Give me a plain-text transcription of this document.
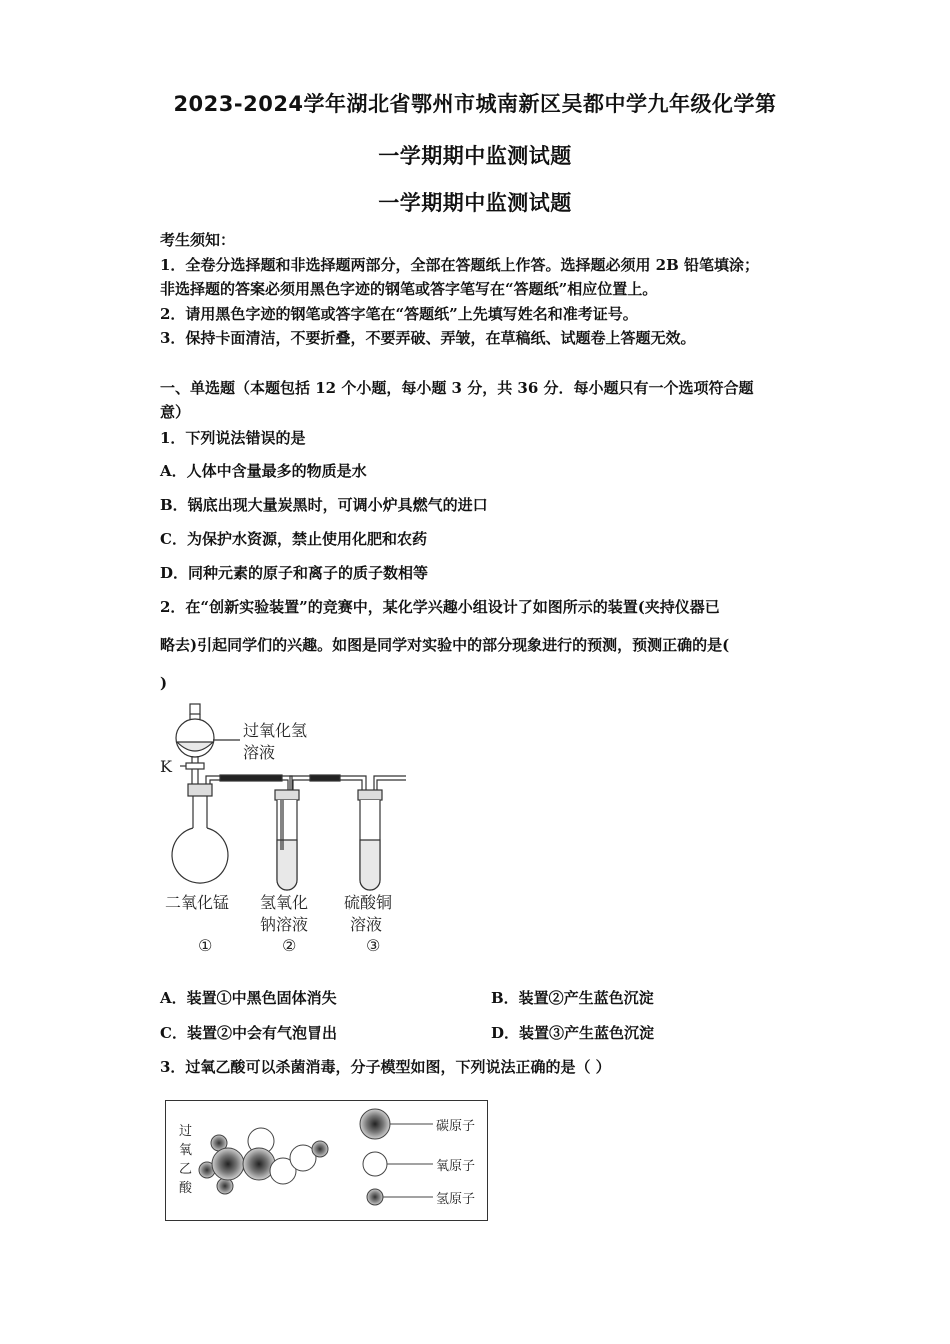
2023-2024学年湖北省鄂州市城南新区吴都中学九年级化学第
一学期期中监测试题
一学期期中监测试题
考生须知：
1．全卷分选择题和非选择题两部分，全部在答题纸上作答。选择题必须用 2B 铅笔填涂；
非选择题的答案必须用黑色字迹的钢笔或答字笔写在“答题纸”相应位置上。
2．请用黑色字迹的钢笔或答字笔在“答题纸”上先填写姓名和准考证号。
3．保持卡面清洁，不要折叠，不要弄破、弄皱，在草稿纸、试题卷上答题无效。
一、单选题（本题包括 12 个小题，每小题 3 分，共 36 分．每小题只有一个选项符合题
意）
1．下列说法错误的是
A．人体中含量最多的物质是水
B．锅底出现大量炭黑时，可调小炉具燃气的进口
C．为保护水资源，禁止使用化肥和农药
D．同种元素的原子和离子的质子数相等
2．在“创新实验装置”的竞赛中，某化学兴趣小组设计了如图所示的装置(夹持仪器已
略去)引起同学们的兴趣。如图是同学对实验中的部分现象进行的预测，预测正确的是(
)
过氧化氢
溶液
K
二氧化锰 氢氧化
钠溶液
硫酸铜
溶液
①	②	③
A．装置①中黑色固体消失	B．装置②产生蓝色沉淀
C．装置②中会有气泡冒出	D．装置③产生蓝色沉淀
3．过氧乙酸可以杀菌消毒，分子模型如图，下列说法正确的是（ ）
过
氧
乙
酸
碳原子
氧原子
氢原子
